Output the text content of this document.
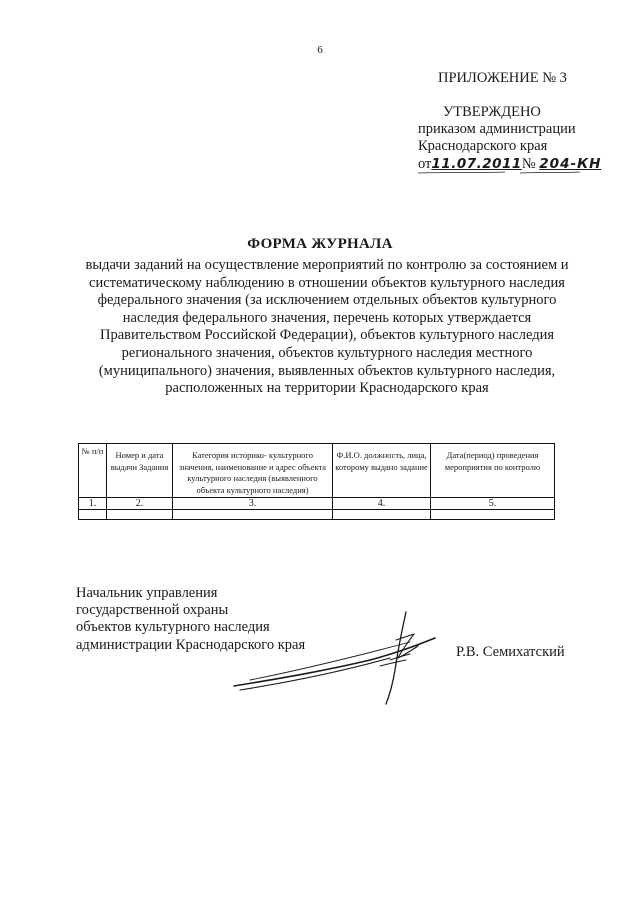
6
ПРИЛОЖЕНИЕ № 3
УТВЕРЖДЕНО
приказом администрации
Краснодарского края
от11.07.2011№ 204-КН
ФОРМА ЖУРНАЛА
выдачи заданий на осуществление мероприятий по контролю за состоянием и
систематическому наблюдению в отношении объектов культурного наследия
федерального значения (за исключением отдельных объектов культурного
наследия федерального значения, перечень которых утверждается
Правительством Российской Федерации), объектов культурного наследия
регионального значения, объектов культурного наследия местного
(муниципального) значения, выявленных объектов культурного наследия,
расположенных на территории Краснодарского края
№ п/п	Номер и дата выдачи Задания	Категория историко- культурного значения, наименование и адрес объекта культурного наследия (выявленного объекта культурного наследия)	Ф.И.О. должность, лица, которому выдано задание	Дата(период) проведения мероприятия по контролю
1.	2.	3.	4.	5.

Начальник управления
государственной охраны
объектов культурного наследия
администрации Краснодарского края	Р.В. Семихатский
